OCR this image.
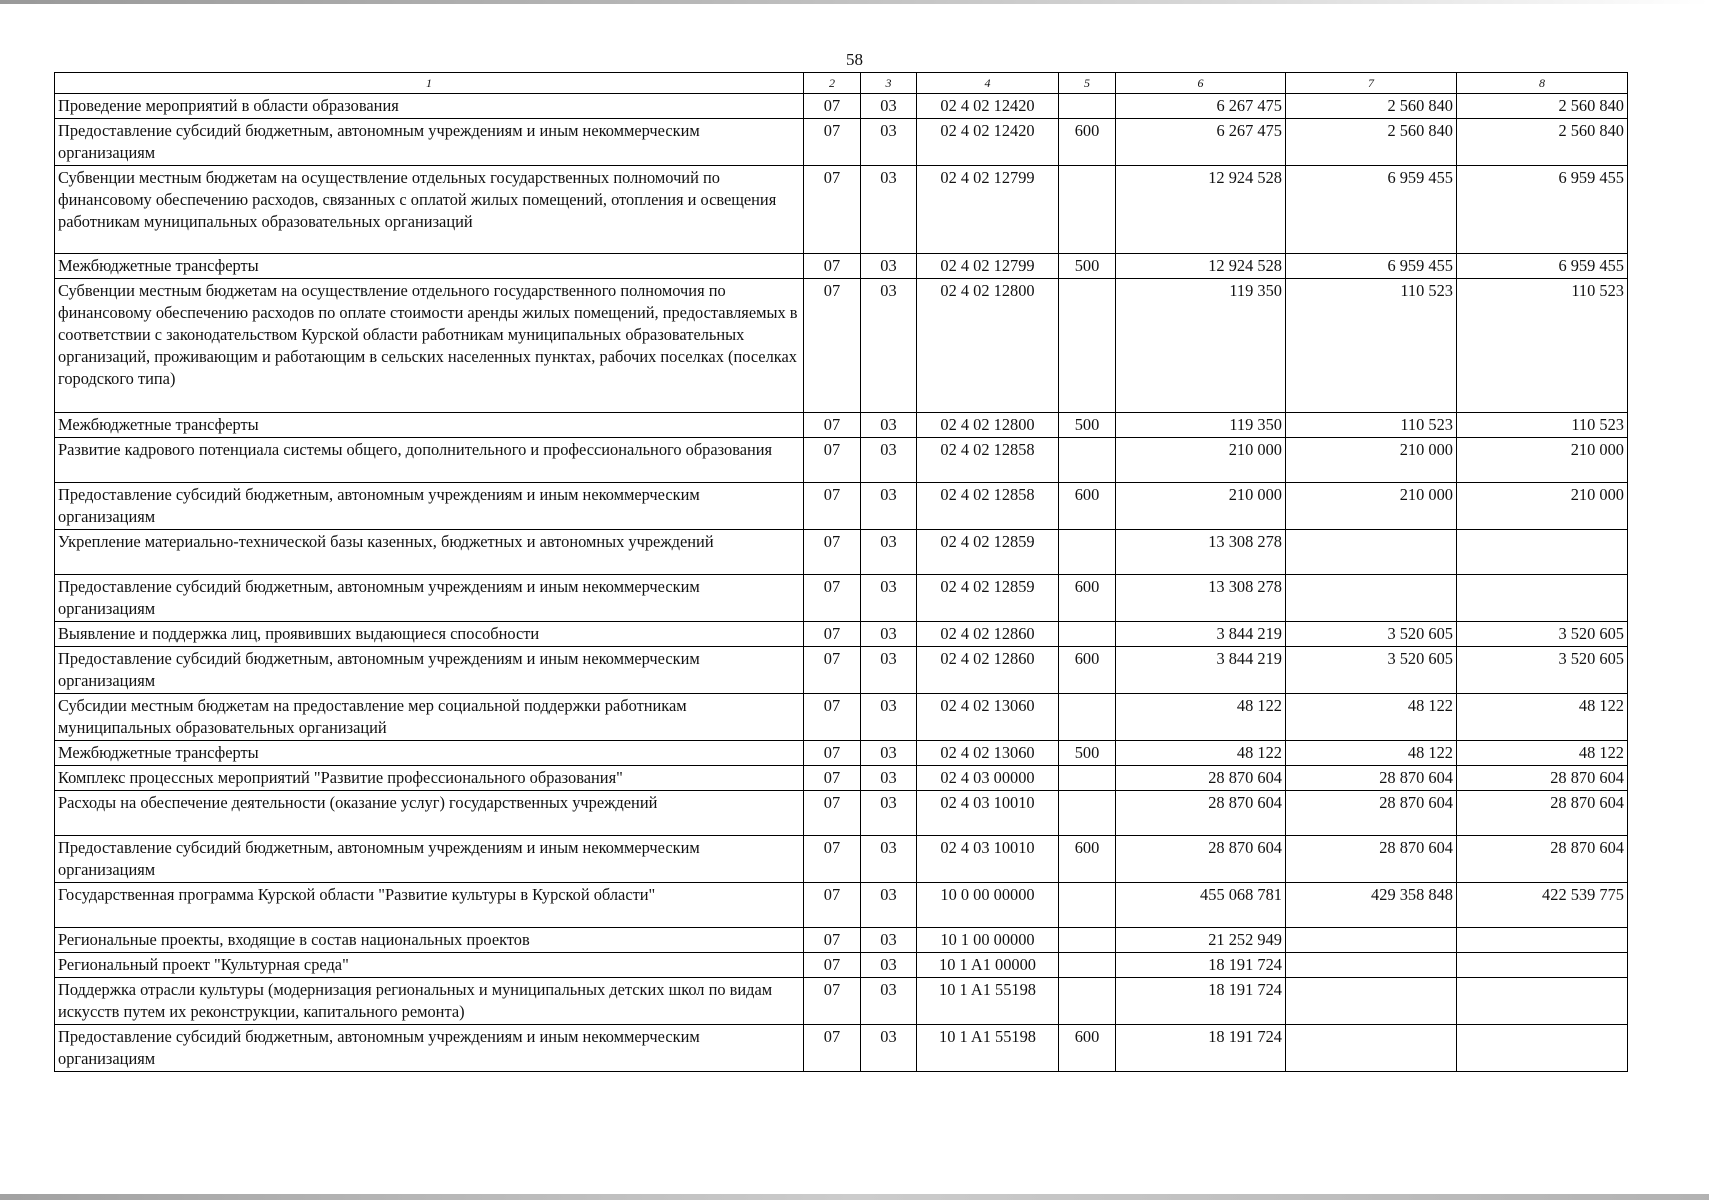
58
1	2	3	4	5	6	7	8
Проведение мероприятий в области образования	07	03	02 4 02 12420		6 267 475	2 560 840	2 560 840
Предоставление субсидий бюджетным, автономным учреждениям и иным некоммерческим организациям	07	03	02 4 02 12420	600	6 267 475	2 560 840	2 560 840
Субвенции местным бюджетам на осуществление отдельных государственных полномочий по финансовому обеспечению расходов, связанных с оплатой жилых помещений, отопления и освещения работникам муниципальных образовательных организаций	07	03	02 4 02 12799		12 924 528	6 959 455	6 959 455
Межбюджетные трансферты	07	03	02 4 02 12799	500	12 924 528	6 959 455	6 959 455
Субвенции местным бюджетам на осуществление отдельного государственного полномочия по финансовому обеспечению расходов по оплате стоимости аренды жилых помещений, предоставляемых в соответствии с законодательством Курской области работникам муниципальных образовательных организаций, проживающим и работающим в сельских населенных пунктах, рабочих поселках (поселках городского типа)	07	03	02 4 02 12800		119 350	110 523	110 523
Межбюджетные трансферты	07	03	02 4 02 12800	500	119 350	110 523	110 523
Развитие кадрового потенциала системы общего, дополнительного и профессионального образования	07	03	02 4 02 12858		210 000	210 000	210 000
Предоставление субсидий бюджетным, автономным учреждениям и иным некоммерческим организациям	07	03	02 4 02 12858	600	210 000	210 000	210 000
Укрепление материально-технической базы казенных, бюджетных и автономных учреждений	07	03	02 4 02 12859		13 308 278		
Предоставление субсидий бюджетным, автономным учреждениям и иным некоммерческим организациям	07	03	02 4 02 12859	600	13 308 278		
Выявление и поддержка лиц, проявивших выдающиеся способности	07	03	02 4 02 12860		3 844 219	3 520 605	3 520 605
Предоставление субсидий бюджетным, автономным учреждениям и иным некоммерческим организациям	07	03	02 4 02 12860	600	3 844 219	3 520 605	3 520 605
Субсидии местным бюджетам на предоставление мер социальной поддержки работникам муниципальных образовательных организаций	07	03	02 4 02 13060		48 122	48 122	48 122
Межбюджетные трансферты	07	03	02 4 02 13060	500	48 122	48 122	48 122
Комплекс процессных мероприятий "Развитие профессионального образования"	07	03	02 4 03 00000		28 870 604	28 870 604	28 870 604
Расходы на обеспечение деятельности (оказание услуг) государственных учреждений	07	03	02 4 03 10010		28 870 604	28 870 604	28 870 604
Предоставление субсидий бюджетным, автономным учреждениям и иным некоммерческим организациям	07	03	02 4 03 10010	600	28 870 604	28 870 604	28 870 604
Государственная программа Курской области "Развитие культуры в Курской области"	07	03	10 0 00 00000		455 068 781	429 358 848	422 539 775
Региональные проекты, входящие в состав национальных проектов	07	03	10 1 00 00000		21 252 949		
Региональный проект "Культурная среда"	07	03	10 1 A1 00000		18 191 724		
Поддержка отрасли культуры (модернизация региональных и муниципальных детских школ по видам искусств путем их реконструкции, капитального ремонта)	07	03	10 1 A1 55198		18 191 724		
Предоставление субсидий бюджетным, автономным учреждениям и иным некоммерческим организациям	07	03	10 1 A1 55198	600	18 191 724		
